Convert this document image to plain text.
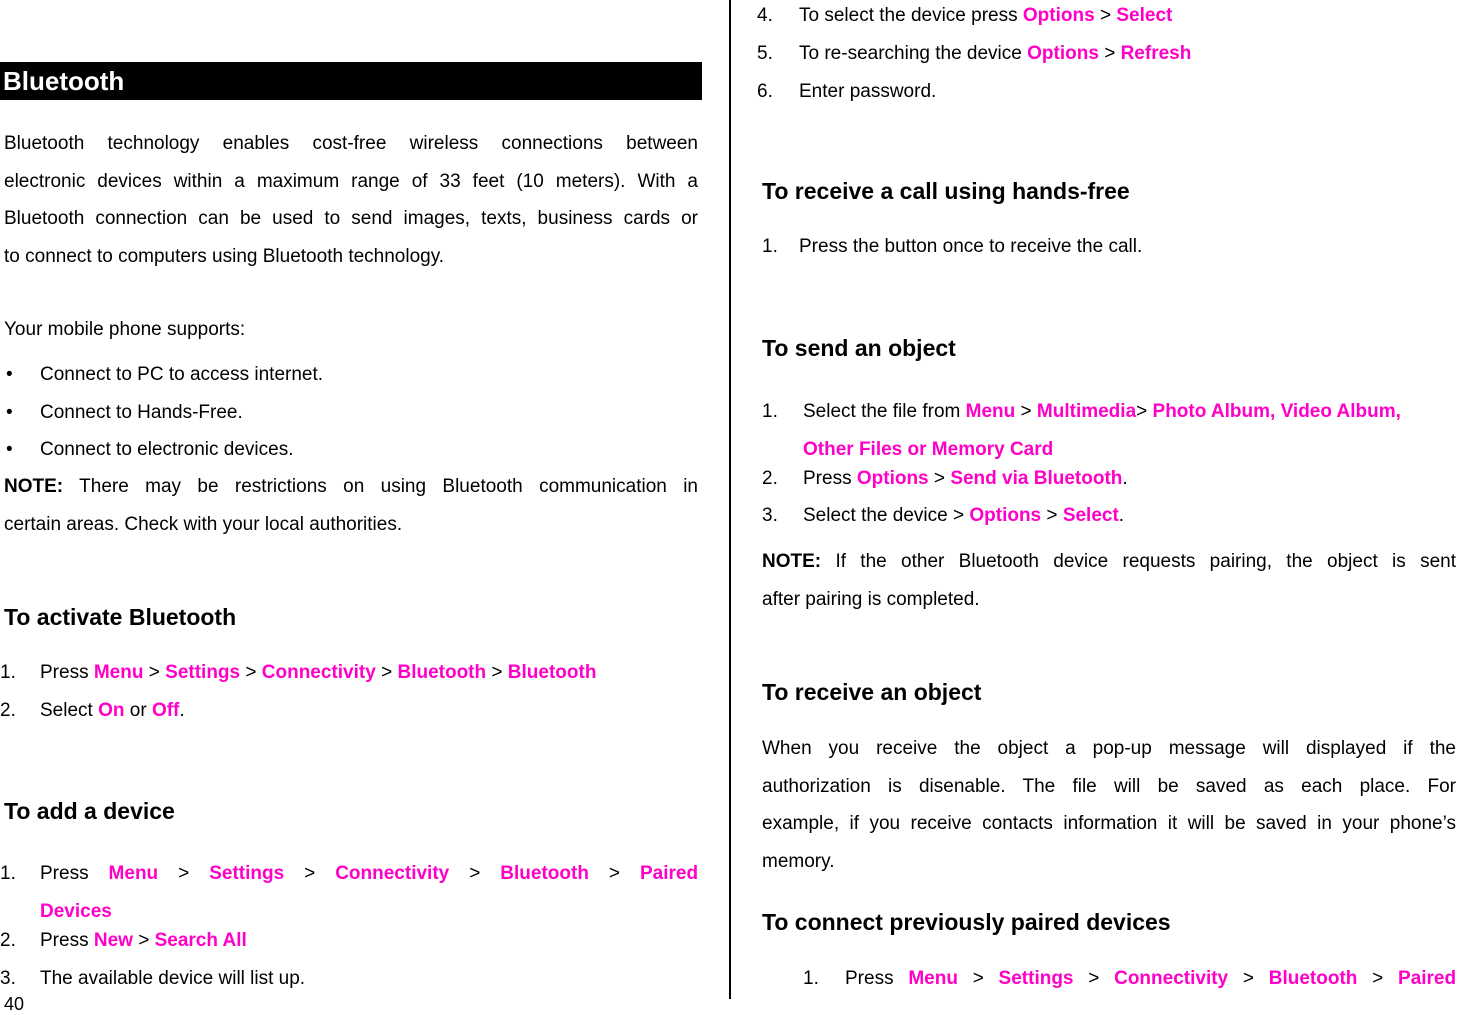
Bluetooth
Bluetooth technology enables cost-free wireless connections between
electronic devices within a maximum range of 33 feet (10 meters). With a
Bluetooth connection can be used to send images, texts, business cards or
to connect to computers using Bluetooth technology.
Your mobile phone supports:
• Connect to PC to access internet.
• Connect to Hands-Free.
• Connect to electronic devices.
NOTE: There may be restrictions on using Bluetooth communication in
certain areas. Check with your local authorities.
To activate Bluetooth
1. Press Menu > Settings > Connectivity > Bluetooth > Bluetooth
2. Select On or Off.
To add a device
1. Press Menu > Settings > Connectivity > Bluetooth > Paired
Devices
2. Press New > Search All
3. The available device will list up.
40
4. To select the device press Options > Select
5. To re-searching the device Options > Refresh
6. Enter password.
To receive a call using hands-free
1. Press the button once to receive the call.
To send an object
1. Select the file from Menu > Multimedia> Photo Album, Video Album,
Other Files or Memory Card
2. Press Options > Send via Bluetooth.
3. Select the device > Options > Select.
NOTE: If the other Bluetooth device requests pairing, the object is sent
after pairing is completed.
To receive an object
When you receive the object a pop-up message will displayed if the
authorization is disenable. The file will be saved as each place. For
example, if you receive contacts information it will be saved in your phone’s
memory.
To connect previously paired devices
1. Press Menu > Settings > Connectivity > Bluetooth > Paired
